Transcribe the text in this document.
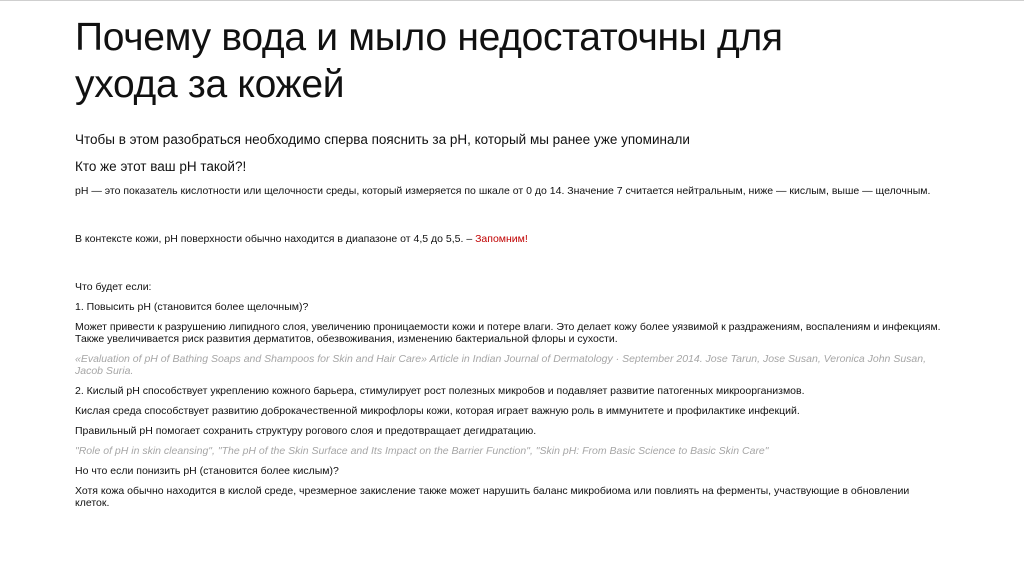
Почему вода и мыло недостаточны для
ухода за кожей

Чтобы в этом разобраться необходимо сперва пояснить за pH, который мы ранее уже упоминали

Кто же этот ваш pH такой?!

pH — это показатель кислотности или щелочности среды, который измеряется по шкале от 0 до 14. Значение 7 считается нейтральным, ниже — кислым, выше — щелочным.

В контексте кожи, pH поверхности обычно находится в диапазоне от 4,5 до 5,5. – Запомним!

Что будет если:

1. Повысить pH (становится более щелочным)?

Может привести к разрушению липидного слоя, увеличению проницаемости кожи и потере влаги. Это делает кожу более уязвимой к раздражениям, воспалениям и инфекциям. Также увеличивается риск развития дерматитов, обезвоживания, изменению бактериальной флоры и сухости.

«Evaluation of pH of Bathing Soaps and Shampoos for Skin and Hair Care» Article in Indian Journal of Dermatology · September 2014. Jose Tarun, Jose Susan, Veronica John Susan, Jacob Suria.

2. Кислый pH способствует укреплению кожного барьера, стимулирует рост полезных микробов и подавляет развитие патогенных микроорганизмов.

Кислая среда способствует развитию доброкачественной микрофлоры кожи, которая играет важную роль в иммунитете и профилактике инфекций.

Правильный pH помогает сохранить структуру рогового слоя и предотвращает дегидратацию.

"Role of pH in skin cleansing", "The pH of the Skin Surface and Its Impact on the Barrier Function", "Skin pH: From Basic Science to Basic Skin Care"

Но что если понизить pH (становится более кислым)?

Хотя кожа обычно находится в кислой среде, чрезмерное закисление также может нарушить баланс микробиома или повлиять на ферменты, участвующие в обновлении клеток.
